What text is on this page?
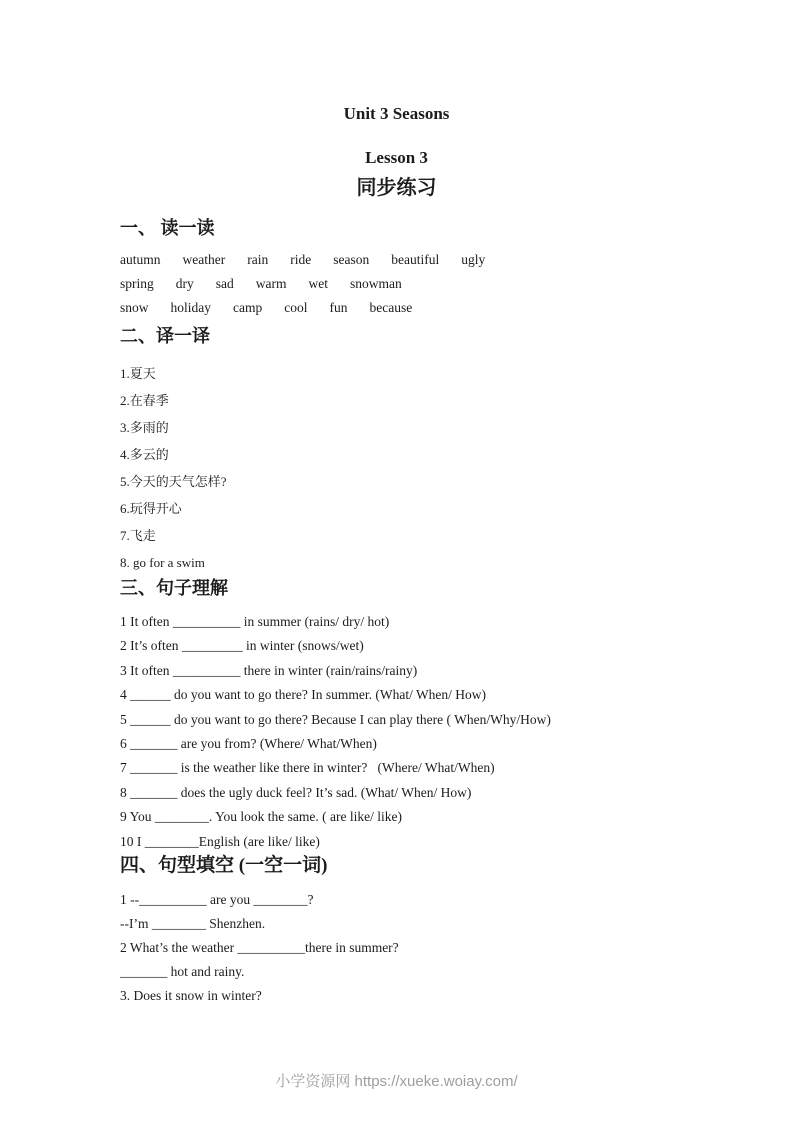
Unit 3 Seasons
Lesson 3
同步练习
一、 读一读
autumn weather rain ride season beautiful ugly
spring dry sad warm wet snowman
snow holiday camp cool fun because
二、译一译
1.夏天
2.在春季
3.多雨的
4.多云的
5.今天的天气怎样?
6.玩得开心
7.飞走
8. go for a swim
三、句子理解
1 It often __________ in summer (rains/ dry/ hot)
2 It’s often _________ in winter (snows/wet)
3 It often __________ there in winter (rain/rains/rainy)
4 ______ do you want to go there? In summer. (What/ When/ How)
5 ______ do you want to go there? Because I can play there ( When/Why/How)
6 _______ are you from? (Where/ What/When)
7 _______ is the weather like there in winter?   (Where/ What/When)
8 _______ does the ugly duck feel? It’s sad. (What/ When/ How)
9 You ________. You look the same. ( are like/ like)
10 I ________English (are like/ like)
四、句型填空 (一空一词)
1 --__________ are you ________?
--I’m ________ Shenzhen.
2 What’s the weather __________there in summer?
_______ hot and rainy.
3. Does it snow in winter?
小学资源网 https://xueke.woiay.com/
